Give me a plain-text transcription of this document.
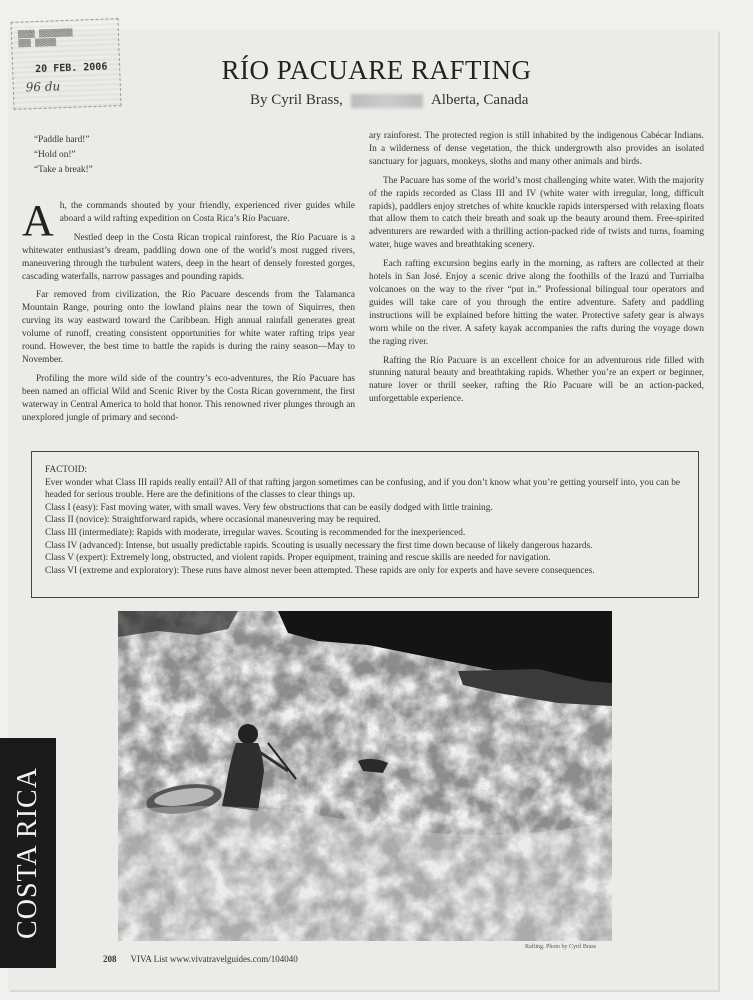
▒▒▒▒ ▒▒▒▒▒▒▒▒
▒▒▒ ▒▒▒▒▒
20 FEB. 2006
96 du
RÍO PACUARE RAFTING
By Cyril Brass,	Alberta, Canada
“Paddle hard!”
“Hold on!”
“Take a break!”

Ah, the commands shouted by your friendly, experienced river guides while aboard a wild rafting expedition on Costa Rica’s Río Pacuare.

Nestled deep in the Costa Rican tropical rainforest, the Río Pacuare is a whitewater enthusiast’s dream, paddling down one of the world’s most rugged rivers, maneuvering through the turbulent waters, deep in the heart of densely forested gorges, cascading waterfalls, narrow passages and pounding rapids.

Far removed from civilization, the Río Pacuare descends from the Talamanca Mountain Range, pouring onto the lowland plains near the town of Siquirres, then curving its way eastward toward the Caribbean. High annual rainfall generates great volume of runoff, creating consistent opportunities for white water rafting trips year round. However, the best time to battle the rapids is during the rainy season—May to November.

Profiling the more wild side of the country’s eco-adventures, the Río Pacuare has been named an official Wild and Scenic River by the Costa Rican government, the first waterway in Central America to hold that honor. This renowned river plunges through an unexplored jungle of primary and second-

ary rainforest. The protected region is still inhabited by the indigenous Cabécar Indians. In a wilderness of dense vegetation, the thick undergrowth also provides an isolated sanctuary for jaguars, monkeys, sloths and many other animals and birds.

The Pacuare has some of the world’s most challenging white water. With the majority of the rapids recorded as Class III and IV (white water with irregular, long, difficult rapids), paddlers enjoy stretches of white knuckle rapids interspersed with relaxing floats that allow them to catch their breath and soak up the beauty around them. Free-spirited adventurers are rewarded with a thrilling action-packed ride of twists and turns, foaming water, huge waves and breathtaking scenery.

Each rafting excursion begins early in the morning, as rafters are collected at their hotels in San José. Enjoy a scenic drive along the foothills of the Irazú and Turrialba volcanoes on the way to the river “put in.” Professional bilingual tour operators and guides will take care of you through the entire adventure. Safety and paddling instructions will be explained before hitting the water. Protective safety gear is always worn while on the river. A safety kayak accompanies the rafts during the voyage down the raging river.

Rafting the Río Pacuare is an excellent choice for an adventurous ride filled with stunning natural beauty and breathtaking rapids. Whether you’re an expert or beginner, nature lover or thrill seeker, rafting the Río Pacuare will be an action-packed, unforgettable experience.

FACTOID:
Ever wonder what Class III rapids really entail? All of that rafting jargon sometimes can be confusing, and if you don’t know what you’re getting yourself into, you can be headed for serious trouble. Here are the definitions of the classes to clear things up.
Class I (easy): Fast moving water, with small waves. Very few obstructions that can be easily dodged with little training.
Class II (novice): Straightforward rapids, where occasional maneuvering may be required.
Class III (intermediate): Rapids with moderate, irregular waves. Scouting is recommended for the inexperienced.
Class IV (advanced): Intense, but usually predictable rapids. Scouting is usually necessary the first time down because of likely dangerous hazards.
Class V (expert): Extremely long, obstructed, and violent rapids. Proper equipment, training and rescue skills are needed for navigation.
Class VI (extreme and exploratory): These runs have almost never been attempted. These rapids are only for experts and have severe consequences.
Rafting. Photo by Cyril Brass
208 VIVA List www.vivatravelguides.com/104040
COSTA RICA
